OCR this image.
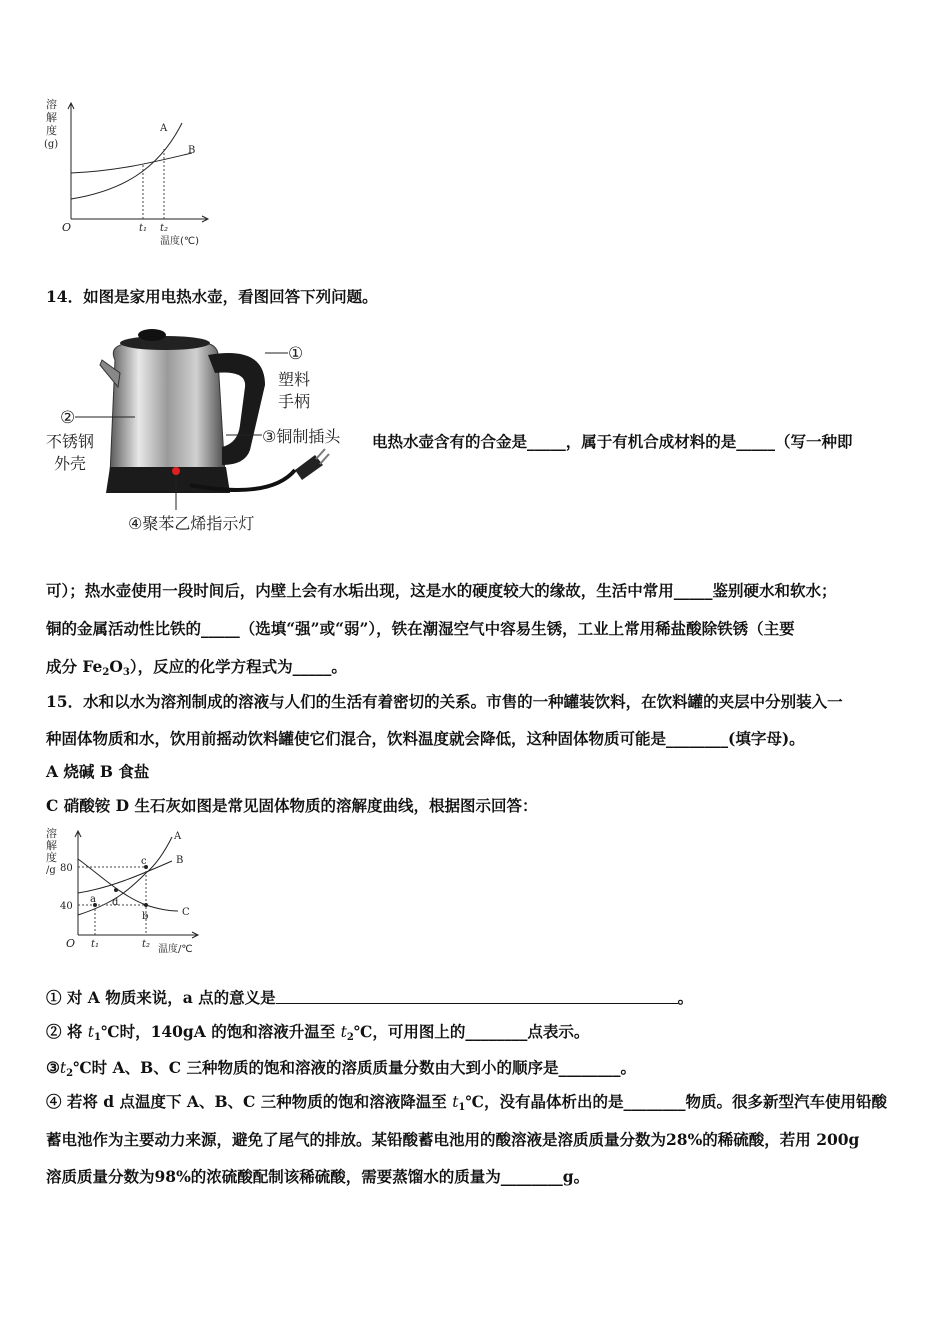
溶
解
度
(g)
O
A
B
t₁ t₂
温度(℃)
14．如图是家用电热水壶，看图回答下列问题。
①
塑料
手柄
②
不锈钢
外壳
③铜制插头
④聚苯乙烯指示灯
电热水壶含有的合金是_____，属于有机合成材料的是_____（写一种即
可）；热水壶使用一段时间后，内壁上会有水垢出现，这是水的硬度较大的缘故，生活中常用_____鉴别硬水和软水；
铜的金属活动性比铁的_____（选填“强”或“弱”），铁在潮湿空气中容易生锈，工业上常用稀盐酸除铁锈（主要
成分 $Fe_2O_3$），反应的化学方程式为_____。
15．水和以水为溶剂制成的溶液与人们的生活有着密切的关系。市售的一种罐装饮料，在饮料罐的夹层中分别装入一
种固体物质和水，饮用前摇动饮料罐使它们混合，饮料温度就会降低，这种固体物质可能是________(填字母)。
A 烧碱 B 食盐
C 硝酸铵 D 生石灰如图是常见固体物质的溶解度曲线，根据图示回答：
溶
解
度
/g 80
40
O
A
B
C
a
b
c
d
t₁	t₂ 温度/℃
① 对 A 物质来说，a 点的意义是	。
② 将 $t_1℃$时，140gA 的饱和溶液升温至 $t_2℃$，可用图上的________点表示。
$③t_2℃$时 A、B、C 三种物质的饱和溶液的溶质质量分数由大到小的顺序是________。
④ 若将 d 点温度下 A、B、C 三种物质的饱和溶液降温至 $t_1℃$，没有晶体析出的是________物质。很多新型汽车使用铅酸
蓄电池作为主要动力来源，避免了尾气的排放。某铅酸蓄电池用的酸溶液是溶质质量分数为28%的稀硫酸，若用 200g
溶质质量分数为98%的浓硫酸配制该稀硫酸，需要蒸馏水的质量为________g。
